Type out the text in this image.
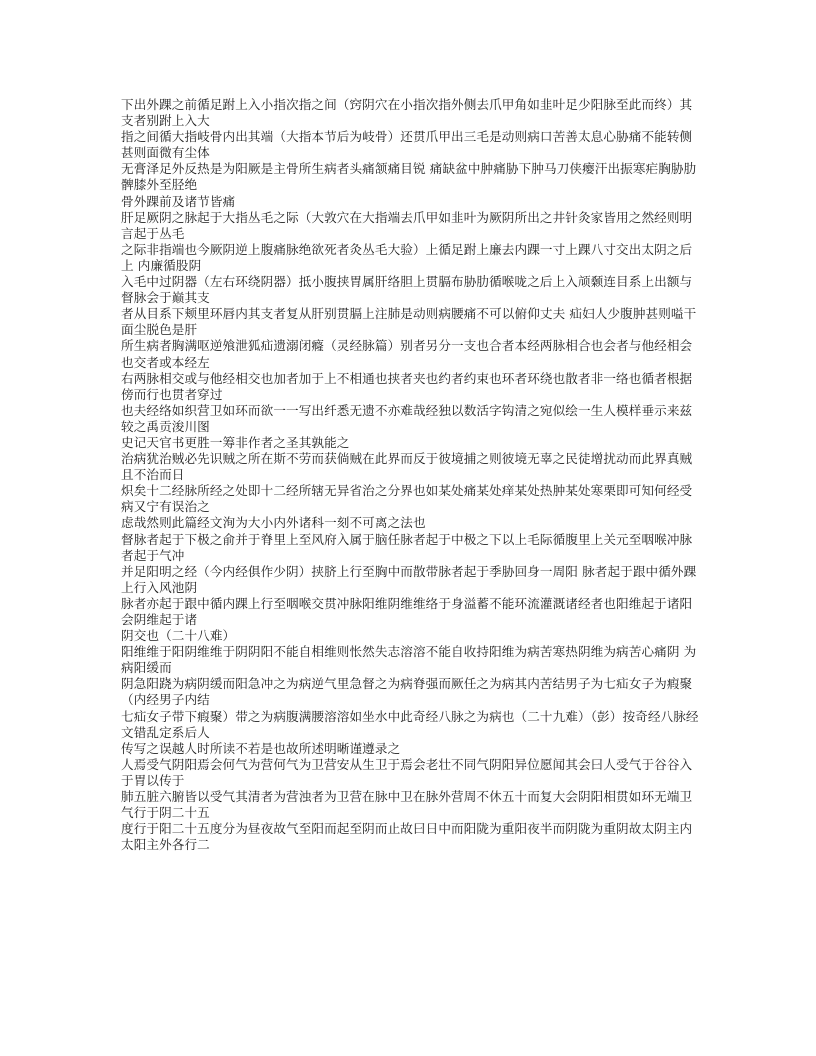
下出外踝之前循足跗上入小指次指之间（窍阴穴在小指次指外侧去爪甲角如韭叶足少阳脉至此而终）其支者别跗上入大

指之间循大指岐骨内出其端（大指本节后为岐骨）还贯爪甲出三毛是动则病口苦善太息心胁痛不能转侧甚则面微有尘体

无膏泽足外反热是为阳厥是主骨所生病者头痛颔痛目锐 痛缺盆中肿痛胁下肿马刀侠瘿汗出振寒疟胸胁肋髀膝外至胫绝

骨外踝前及诸节皆痛

肝足厥阴之脉起于大指丛毛之际（大敦穴在大指端去爪甲如韭叶为厥阴所出之井针灸家皆用之然经则明言起于丛毛

之际非指端也今厥阴逆上腹痛脉绝欲死者灸丛毛大验）上循足跗上廉去内踝一寸上踝八寸交出太阴之后上 内廉循股阴

入毛中过阴器（左右环绕阴器）抵小腹挟胃属肝络胆上贯膈布胁肋循喉咙之后上入颃颡连目系上出额与督脉会于巅其支

者从目系下颊里环唇内其支者复从肝别贯膈上注肺是动则病腰痛不可以俯仰丈夫 疝妇人少腹肿甚则嗌干面尘脱色是肝

所生病者胸满呕逆飧泄狐疝遗溺闭癃（灵经脉篇）别者另分一支也合者本经两脉相合也会者与他经相会也交者或本经左

右两脉相交或与他经相交也加者加于上不相通也挟者夹也约者约束也环者环绕也散者非一络也循者根据傍而行也贯者穿过

也夫经络如织营卫如环而欲一一写出纤悉无遗不亦难哉经独以数活字钩清之宛似绘一生人模样垂示来兹较之禹贡浚川图

史记天官书更胜一筹非作者之圣其孰能之

治病犹治贼必先识贼之所在斯不劳而获倘贼在此界而反于彼境捕之则彼境无辜之民徒增扰动而此界真贼且不治而日

炽矣十二经脉所经之处即十二经所辖无异省治之分界也如某处痛某处痒某处热肿某处寒栗即可知何经受病又宁有误治之

虑哉然则此篇经文洵为大小内外诸科一刻不可离之法也

督脉者起于下极之俞并于脊里上至风府入属于脑任脉者起于中极之下以上毛际循腹里上关元至咽喉冲脉者起于气冲

并足阳明之经（今内经俱作少阴）挟脐上行至胸中而散带脉者起于季胁回身一周阳 脉者起于跟中循外踝上行入风池阴

脉者亦起于跟中循内踝上行至咽喉交贯冲脉阳维阴维维络于身溢蓄不能环流灌溉诸经者也阳维起于诸阳会阴维起于诸

阴交也（二十八难）

阳维维于阳阴维维于阴阴阳不能自相维则怅然失志溶溶不能自收持阳维为病苦寒热阴维为病苦心痛阴 为病阳缓而

阴急阳跷为病阴缓而阳急冲之为病逆气里急督之为病脊强而厥任之为病其内苦结男子为七疝女子为瘕聚（内经男子内结

七疝女子带下瘕聚）带之为病腹满腰溶溶如坐水中此奇经八脉之为病也（二十九难）（彭）按奇经八脉经文错乱定系后人

传写之误越人时所读不若是也故所述明晰谨遵录之

人焉受气阴阳焉会何气为营何气为卫营安从生卫于焉会老壮不同气阴阳异位愿闻其会曰人受气于谷谷入于胃以传于

肺五脏六腑皆以受气其清者为营浊者为卫营在脉中卫在脉外营周不休五十而复大会阴阳相贯如环无端卫气行于阴二十五

度行于阳二十五度分为昼夜故气至阳而起至阴而止故曰日中而阳陇为重阳夜半而阴陇为重阴故太阴主内太阳主外各行二
